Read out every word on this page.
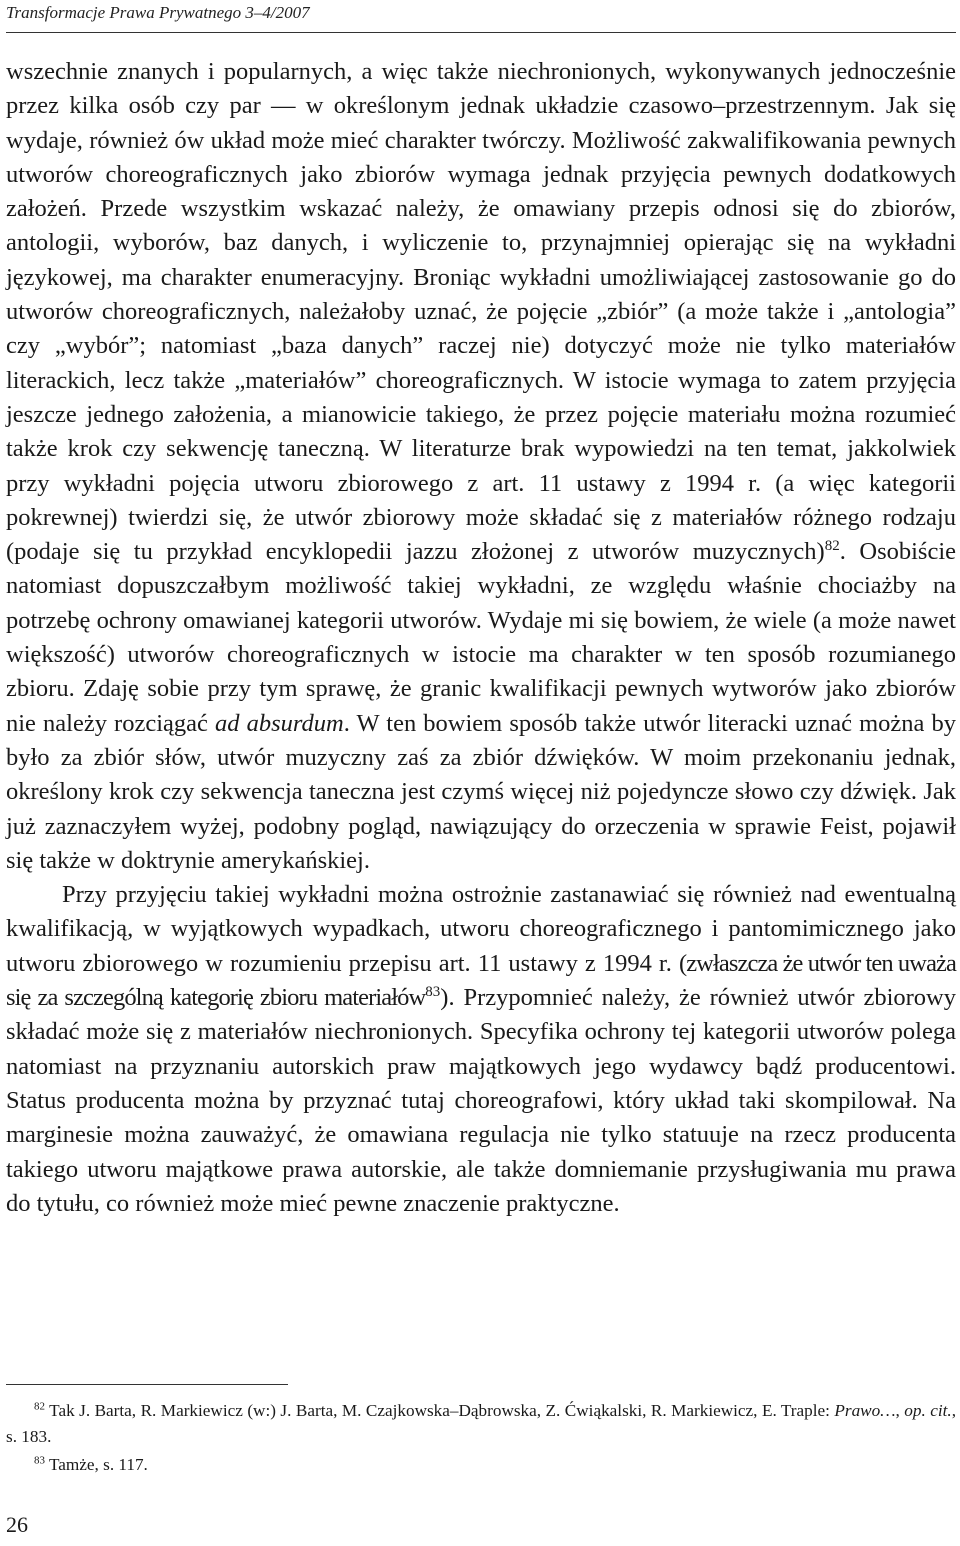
Transformacje Prawa Prywatnego 3–4/2007

wszechnie znanych i popularnych, a więc także niechronionych, wykonywanych jednocześnie przez kilka osób czy par — w określonym jednak układzie czasowo–przestrzennym. Jak się wydaje, również ów układ może mieć charakter twórczy. Możliwość zakwalifikowania pewnych utworów choreograficznych jako zbiorów wymaga jednak przyjęcia pewnych dodatkowych założeń. Przede wszystkim wskazać należy, że omawiany przepis odnosi się do zbiorów, antologii, wyborów, baz danych, i wyliczenie to, przynajmniej opierając się na wykładni językowej, ma charakter enumeracyjny. Broniąc wykładni umożliwiającej zastosowanie go do utworów choreograficznych, należałoby uznać, że pojęcie „zbiór” (a może także i „antologia” czy „wybór”; natomiast „baza danych” raczej nie) dotyczyć może nie tylko materiałów literackich, lecz także „materiałów” choreograficznych. W istocie wymaga to zatem przyjęcia jeszcze jednego założenia, a mianowicie takiego, że przez pojęcie materiału można rozumieć także krok czy sekwencję taneczną. W literaturze brak wypowiedzi na ten temat, jakkolwiek przy wykładni pojęcia utworu zbiorowego z art. 11 ustawy z 1994 r. (a więc kategorii pokrewnej) twierdzi się, że utwór zbiorowy może składać się z materiałów różnego rodzaju (podaje się tu przykład encyklopedii jazzu złożonej z utworów muzycznych)$^{82}$. Osobiście natomiast dopuszczałbym możliwość takiej wykładni, ze względu właśnie chociażby na potrzebę ochrony omawianej kategorii utworów. Wydaje mi się bowiem, że wiele (a może nawet większość) utworów choreograficznych w istocie ma charakter w ten sposób rozumianego zbioru. Zdaję sobie przy tym sprawę, że granic kwalifikacji pewnych wytworów jako zbiorów nie należy rozciągać ad absurdum. W ten bowiem sposób także utwór literacki uznać można by było za zbiór słów, utwór muzyczny zaś za zbiór dźwięków. W moim przekonaniu jednak, określony krok czy sekwencja taneczna jest czymś więcej niż pojedyncze słowo czy dźwięk. Jak już zaznaczyłem wyżej, podobny pogląd, nawiązujący do orzeczenia w sprawie Feist, pojawił się także w doktrynie amerykańskiej.

Przy przyjęciu takiej wykładni można ostrożnie zastanawiać się również nad ewentualną kwalifikacją, w wyjątkowych wypadkach, utworu choreograficznego i pantomimicznego jako utworu zbiorowego w rozumieniu przepisu art. 11 ustawy z 1994 r. (zwłaszcza że utwór ten uważa się za szczególną kategorię zbioru materiałów$^{83}$). Przypomnieć należy, że również utwór zbiorowy składać może się z materiałów niechronionych. Specyfika ochrony tej kategorii utworów polega natomiast na przyznaniu autorskich praw majątkowych jego wydawcy bądź producentowi. Status producenta można by przyznać tutaj choreografowi, który układ taki skompilował. Na marginesie można zauważyć, że omawiana regulacja nie tylko statuuje na rzecz producenta takiego utworu majątkowe prawa autorskie, ale także domniemanie przysługiwania mu prawa do tytułu, co również może mieć pewne znaczenie praktyczne.

$^{82}$ Tak J. Barta, R. Markiewicz (w:) J. Barta, M. Czajkowska–Dąbrowska, Z. Ćwiąkalski, R. Markiewicz, E. Traple: Prawo…, op. cit., s. 183.

$^{83}$ Tamże, s. 117.

26
